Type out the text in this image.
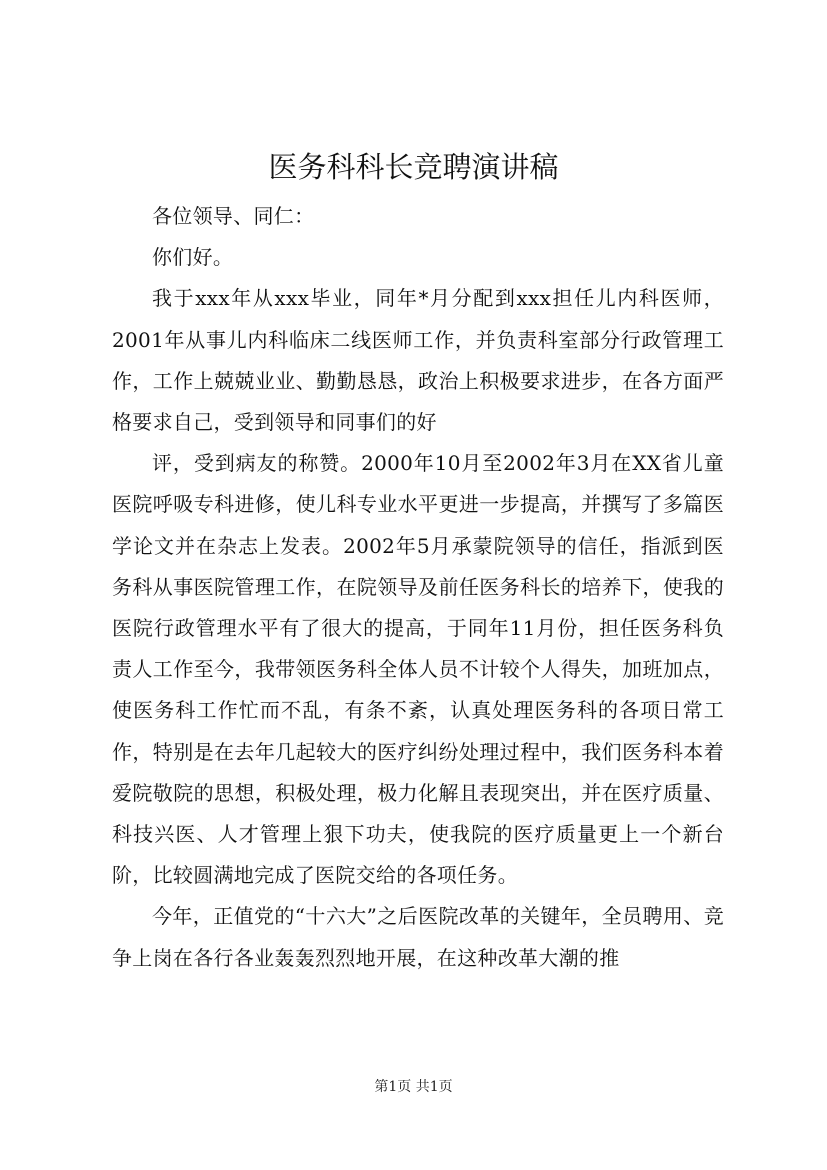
医务科科长竞聘演讲稿

各位领导、同仁：

你们好。

我于xxx年从xxx毕业，同年*月分配到xxx担任儿内科医师，2001年从事儿内科临床二线医师工作，并负责科室部分行政管理工作，工作上兢兢业业、勤勤恳恳，政治上积极要求进步，在各方面严格要求自己，受到领导和同事们的好

评，受到病友的称赞。2000年10月至2002年3月在XX省儿童医院呼吸专科进修，使儿科专业水平更进一步提高，并撰写了多篇医学论文并在杂志上发表。2002年5月承蒙院领导的信任，指派到医务科从事医院管理工作，在院领导及前任医务科长的培养下，使我的医院行政管理水平有了很大的提高，于同年11月份，担任医务科负责人工作至今，我带领医务科全体人员不计较个人得失，加班加点，使医务科工作忙而不乱，有条不紊，认真处理医务科的各项日常工作，特别是在去年几起较大的医疗纠纷处理过程中，我们医务科本着爱院敬院的思想，积极处理，极力化解且表现突出，并在医疗质量、科技兴医、人才管理上狠下功夫，使我院的医疗质量更上一个新台阶，比较圆满地完成了医院交给的各项任务。

今年，正值党的“十六大”之后医院改革的关键年，全员聘用、竞争上岗在各行各业轰轰烈烈地开展，在这种改革大潮的推

第1页 共1页
